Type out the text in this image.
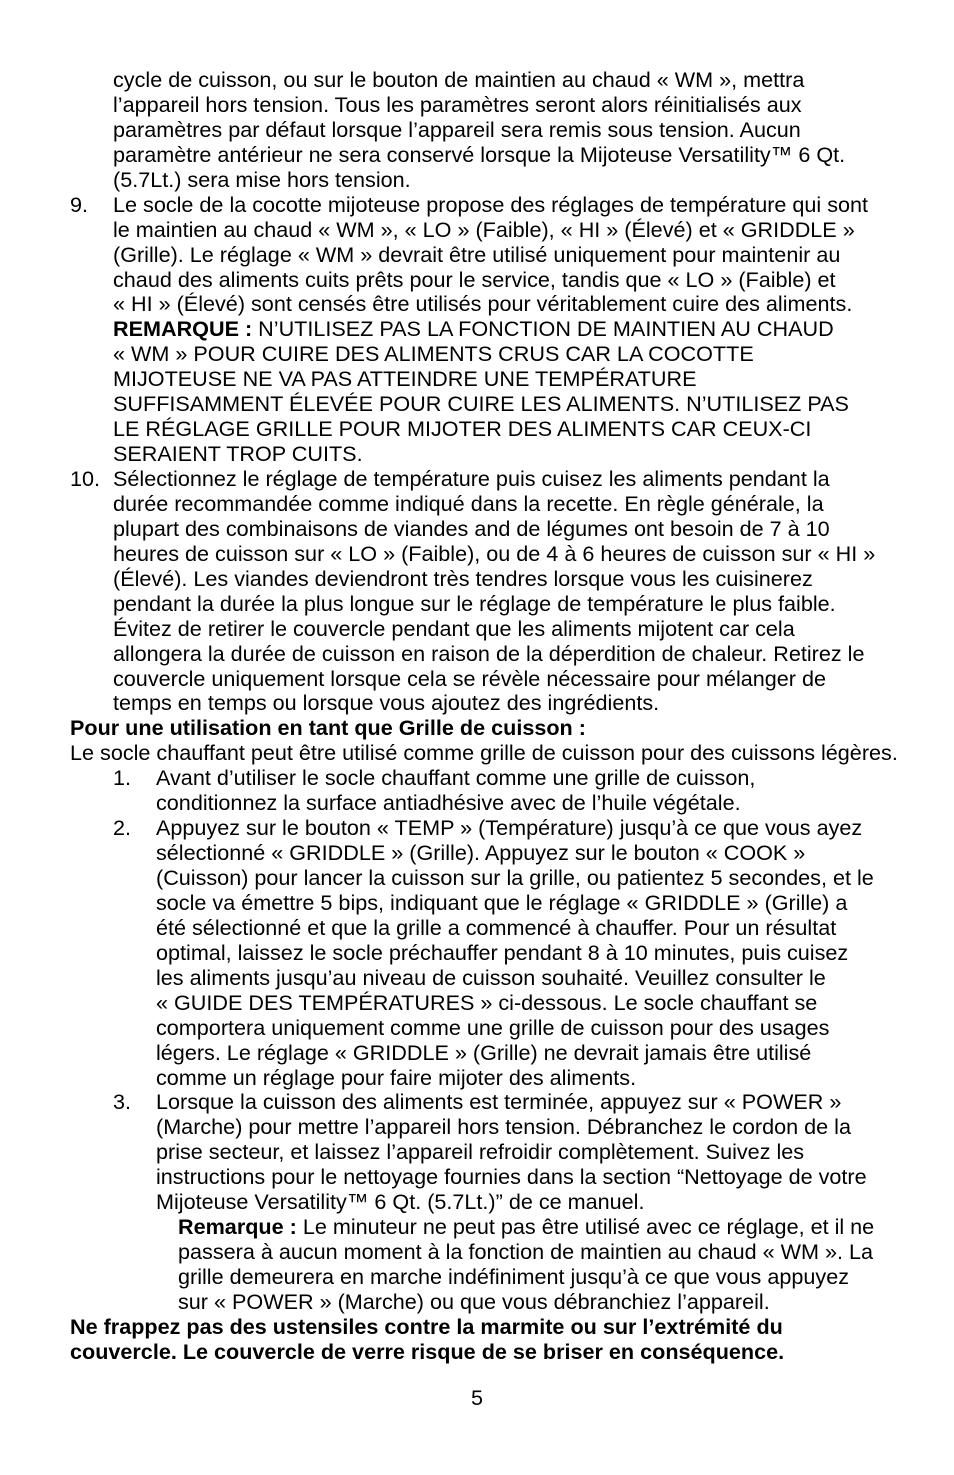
cycle de cuisson, ou sur le bouton de maintien au chaud « WM », mettra
l’appareil hors tension. Tous les paramètres seront alors réinitialisés aux
paramètres par défaut lorsque l’appareil sera remis sous tension. Aucun
paramètre antérieur ne sera conservé lorsque la Mijoteuse Versatility™ 6 Qt.
(5.7Lt.) sera mise hors tension.
9.	Le socle de la cocotte mijoteuse propose des réglages de température qui sont
le maintien au chaud « WM », « LO » (Faible), « HI » (Élevé) et « GRIDDLE »
(Grille). Le réglage « WM » devrait être utilisé uniquement pour maintenir au
chaud des aliments cuits prêts pour le service, tandis que « LO » (Faible) et
« HI » (Élevé) sont censés être utilisés pour véritablement cuire des aliments.
REMARQUE : N’UTILISEZ PAS LA FONCTION DE MAINTIEN AU CHAUD
« WM » POUR CUIRE DES ALIMENTS CRUS CAR LA COCOTTE
MIJOTEUSE NE VA PAS ATTEINDRE UNE TEMPÉRATURE
SUFFISAMMENT ÉLEVÉE POUR CUIRE LES ALIMENTS. N’UTILISEZ PAS
LE RÉGLAGE GRILLE POUR MIJOTER DES ALIMENTS CAR CEUX-CI
SERAIENT TROP CUITS.
10. Sélectionnez le réglage de température puis cuisez les aliments pendant la
durée recommandée comme indiqué dans la recette. En règle générale, la
plupart des combinaisons de viandes and de légumes ont besoin de 7 à 10
heures de cuisson sur « LO » (Faible), ou de 4 à 6 heures de cuisson sur « HI »
(Élevé). Les viandes deviendront très tendres lorsque vous les cuisinerez
pendant la durée la plus longue sur le réglage de température le plus faible.
Évitez de retirer le couvercle pendant que les aliments mijotent car cela
allongera la durée de cuisson en raison de la déperdition de chaleur. Retirez le
couvercle uniquement lorsque cela se révèle nécessaire pour mélanger de
temps en temps ou lorsque vous ajoutez des ingrédients.
Pour une utilisation en tant que Grille de cuisson :
Le socle chauffant peut être utilisé comme grille de cuisson pour des cuissons légères.
1.	Avant d’utiliser le socle chauffant comme une grille de cuisson,
conditionnez la surface antiadhésive avec de l’huile végétale.
2.	Appuyez sur le bouton « TEMP » (Température) jusqu’à ce que vous ayez
sélectionné « GRIDDLE » (Grille). Appuyez sur le bouton « COOK »
(Cuisson) pour lancer la cuisson sur la grille, ou patientez 5 secondes, et le
socle va émettre 5 bips, indiquant que le réglage « GRIDDLE » (Grille) a
été sélectionné et que la grille a commencé à chauffer. Pour un résultat
optimal, laissez le socle préchauffer pendant 8 à 10 minutes, puis cuisez
les aliments jusqu’au niveau de cuisson souhaité. Veuillez consulter le
« GUIDE DES TEMPÉRATURES » ci-dessous. Le socle chauffant se
comportera uniquement comme une grille de cuisson pour des usages
légers. Le réglage « GRIDDLE » (Grille) ne devrait jamais être utilisé
comme un réglage pour faire mijoter des aliments.
3.	Lorsque la cuisson des aliments est terminée, appuyez sur « POWER »
(Marche) pour mettre l’appareil hors tension. Débranchez le cordon de la
prise secteur, et laissez l’appareil refroidir complètement. Suivez les
instructions pour le nettoyage fournies dans la section “Nettoyage de votre
Mijoteuse Versatility™ 6 Qt. (5.7Lt.)” de ce manuel.
Remarque : Le minuteur ne peut pas être utilisé avec ce réglage, et il ne
passera à aucun moment à la fonction de maintien au chaud « WM ». La
grille demeurera en marche indéfiniment jusqu’à ce que vous appuyez
sur « POWER » (Marche) ou que vous débranchiez l’appareil.
Ne frappez pas des ustensiles contre la marmite ou sur l’extrémité du
couvercle. Le couvercle de verre risque de se briser en conséquence.
5
